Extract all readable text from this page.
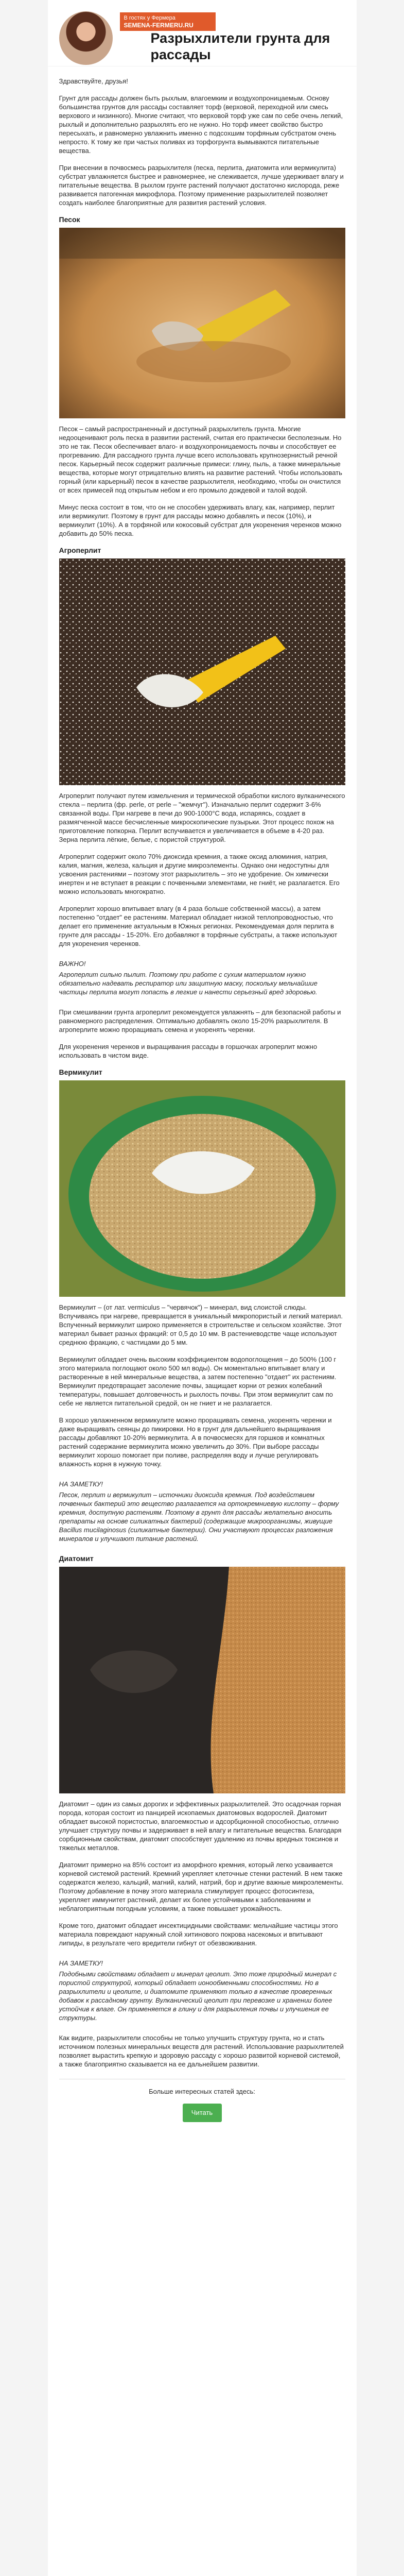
В гостях у Фермера
SEMENA-FERMERU.RU
Разрыхлители грунта для рассады

Здравствуйте, друзья!

Грунт для рассады должен быть рыхлым, влагоемким и воздухопроницаемым. Основу большинства грунтов для рассады составляет торф (верховой, переходной или смесь верхового и низинного). Многие считают, что верховой торф уже сам по себе очень легкий, рыхлый и дополнительно разрыхлять его не нужно. Но торф имеет свойство быстро пересыхать, и равномерно увлажнить именно с подсохшим торфяным субстратом очень непросто. К тому же при частых поливах из торфогрунта вымываются питательные вещества.

При внесении в почвосмесь разрыхлителя (песка, перлита, диатомита или вермикулита) субстрат увлажняется быстрее и равномернее, не слеживается, лучше удерживает влагу и питательные вещества. В рыхлом грунте растений получают достаточно кислорода, реже развивается патогенная микрофлора. Поэтому применение разрыхлителей позволяет создать наиболее благоприятные для развития растений условия.

Песок

Песок – самый распространенный и доступный разрыхлитель грунта. Многие недооценивают роль песка в развитии растений, считая его практически бесполезным. Но это не так. Песок обеспечивает влаго- и воздухопроницаемость почвы и способствует ее прогреванию. Для рассадного грунта лучше всего использовать крупнозернистый речной песок. Карьерный песок содержит различные примеси: глину, пыль, а также минеральные вещества, которые могут отрицательно влиять на развитие растений. Чтобы использовать горный (или карьерный) песок в качестве разрыхлителя, необходимо, чтобы он очистился от всех примесей под открытым небом и его промыло дождевой и талой водой.

Минус песка состоит в том, что он не способен удерживать влагу, как, например, перлит или вермикулит. Поэтому в грунт для рассады можно добавлять и песок (10%), и вермикулит (10%). А в торфяной или кокосовый субстрат для укоренения черенков можно добавить до 50% песка.

Агроперлит

Агроперлит получают путем измельчения и термической обработки кислого вулканического стекла – перлита (фр. perle, от perle – "жемчуг"). Изначально перлит содержит 3-6% связанной воды. При нагреве в печи до 900-1000°C вода, испаряясь, создает в размягченной массе бесчисленные микроскопические пузырьки. Этот процесс похож на приготовление попкорна. Перлит вспучивается и увеличивается в объеме в 4-20 раз. Зерна перлита лёгкие, белые, с пористой структурой.

Агроперлит содержит около 70% диоксида кремния, а также оксид алюминия, натрия, калия, магния, железа, кальция и другие микроэлементы. Однако они недоступны для усвоения растениями – поэтому этот разрыхлитель – это не удобрение. Он химически инертен и не вступает в реакции с почвенными элементами, не гниёт, не разлагается. Его можно использовать многократно.

Агроперлит хорошо впитывает влагу (в 4 раза больше собственной массы), а затем постепенно "отдает" ее растениям. Материал обладает низкой теплопроводностью, что делает его применение актуальным в Южных регионах. Рекомендуемая доля перлита в грунте для рассады - 15-20%. Его добавляют в торфяные субстраты, а также используют для укоренения черенков.

ВАЖНО!

Агроперлит сильно пылит. Поэтому при работе с сухим материалом нужно обязательно надевать респиратор или защитную маску, поскольку мельчайшие частицы перлита могут попасть в легкие и нанести серьезный вред здоровью.

При смешивании грунта агроперлит рекомендуется увлажнять – для безопасной работы и равномерного распределения. Оптимально добавлять около 15-20% разрыхлителя. В агроперлите можно проращивать семена и укоренять черенки.

Для укоренения черенков и выращивания рассады в горшочках агроперлит можно использовать в чистом виде.

Вермикулит

Вермикулит – (от лат. vermiculus – "червячок") – минерал, вид слоистой слюды. Вспучиваясь при нагреве, превращается в уникальный микропористый и легкий материал. Вспученный вермикулит широко применяется в строительстве и сельском хозяйстве. Этот материал бывает разных фракций: от 0,5 до 10 мм. В растениеводстве чаще используют среднюю фракцию, с частицами до 5 мм.

Вермикулит обладает очень высоким коэффициентом водопоглощения – до 500% (100 г этого материала поглощают около 500 мл воды). Он моментально впитывает влагу и растворенные в ней минеральные вещества, а затем постепенно "отдает" их растениям. Вермикулит предотвращает засоление почвы, защищает корни от резких колебаний температуры, повышает долговечность и рыхлость почвы. При этом вермикулит сам по себе не является питательной средой, он не гниет и не разлагается.

В хорошо увлажненном вермикулите можно проращивать семена, укоренять черенки и даже выращивать сеянцы до пикировки. Но в грунт для дальнейшего выращивания рассады добавляют 10-20% вермикулита. А в почвосмесях для горшков и комнатных растений содержание вермикулита можно увеличить до 30%. При выборе рассады вермикулит хорошо помогает при поливе, распределяя воду и лучше регулировать влажность корня в нужную точку.

НА ЗАМЕТКУ!

Песок, перлит и вермикулит – источники диоксида кремния. Под воздействием почвенных бактерий это вещество разлагается на ортокремниевую кислоту – форму кремния, доступную растениям. Поэтому в грунт для рассады желательно вносить препараты на основе силикатных бактерий (содержащие микроорганизмы, живущие Bacillus mucilaginosus (силикатные бактерии). Они участвуют процессах разложения минералов и улучшают питание растений.

Диатомит

Диатомит – один из самых дорогих и эффективных разрыхлителей. Это осадочная горная порода, которая состоит из панцирей ископаемых диатомовых водорослей. Диатомит обладает высокой пористостью, влагоемкостью и адсорбционной способностью, отлично улучшает структуру почвы и задерживает в ней влагу и питательные вещества. Благодаря сорбционным свойствам, диатомит способствует удалению из почвы вредных токсинов и тяжелых металлов.

Диатомит примерно на 85% состоит из аморфного кремния, который легко усваивается корневой системой растений. Кремний укрепляет клеточные стенки растений. В нем также содержатся железо, кальций, магний, калий, натрий, бор и другие важные микроэлементы. Поэтому добавление в почву этого материала стимулирует процесс фотосинтеза, укрепляет иммунитет растений, делает их более устойчивыми к заболеваниям и неблагоприятным погодным условиям, а также повышает урожайность.

Кроме того, диатомит обладает инсектицидными свойствами: мельчайшие частицы этого материала повреждают наружный слой хитинового покрова насекомых и впитывают липиды, в результате чего вредители гибнут от обезвоживания.

НА ЗАМЕТКУ!

Подобными свойствами обладает и минерал цеолит. Это тоже природный минерал с пористой структурой, который обладает ионообменными способностями. Но в разрыхлители и цеолите, и диатомите применяют только в качестве проверенных добавок к рассадному грунту. Вулканический цеолит при перевозке и хранении более устойчив к влаге. Он применяется в глину и для разрыхления почвы и улучшения ее структуры.

Как видите, разрыхлители способны не только улучшить структуру грунта, но и стать источником полезных минеральных веществ для растений. Использование разрыхлителей позволяет вырастить крепкую и здоровую рассаду с хорошо развитой корневой системой, а также благоприятно сказывается на ее дальнейшем развитии.

Больше интересных статей здесь:
Читать
